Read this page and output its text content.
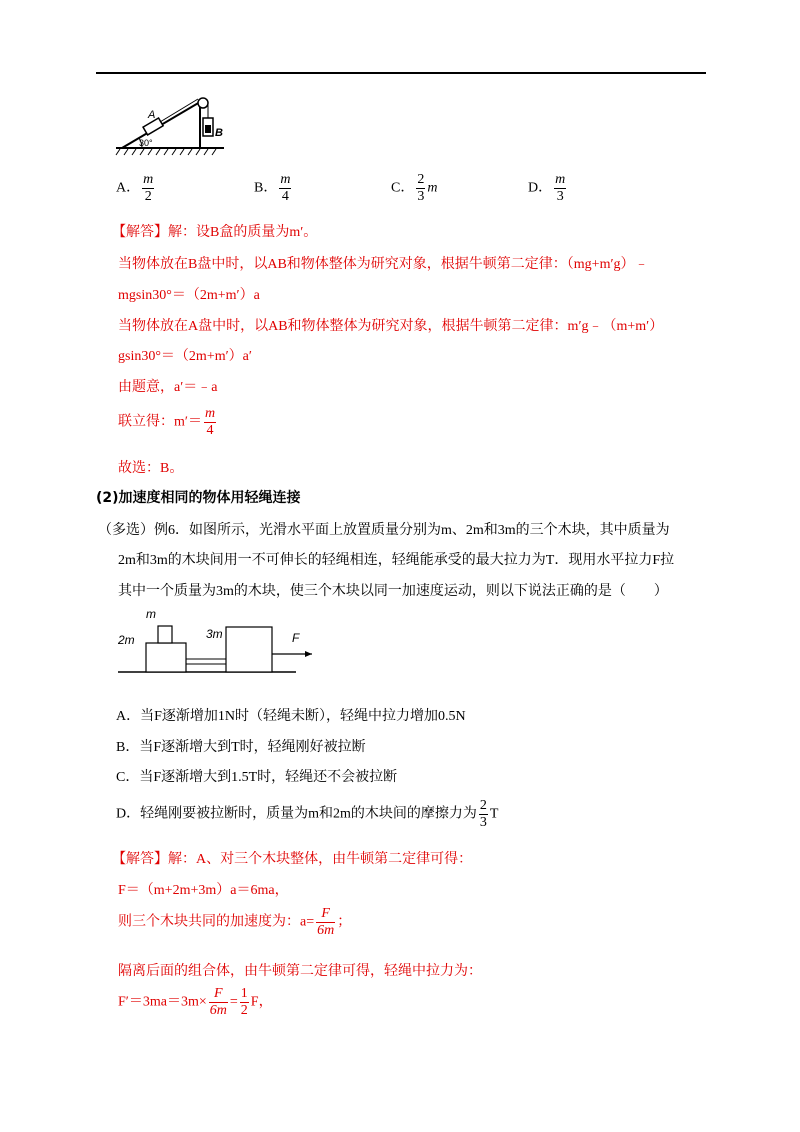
A
B
30°
A． $\frac{m}{2}$	B． $\frac{m}{4}$	C． $\frac{2}{3}$ m	D． $\frac{m}{3}$
【解答】解：设B盒的质量为m′。
当物体放在B盘中时，以AB和物体整体为研究对象，根据牛顿第二定律：（mg+m′g）﹣
mgsin30°＝（2m+m′）a
当物体放在A盘中时，以AB和物体整体为研究对象，根据牛顿第二定律：m′g﹣（m+m′）
gsin30°＝（2m+m′）a′
由题意，a′＝﹣a
联立得：$m'= \frac{m}{4}$
故选：B。
(2)加速度相同的物体用轻绳连接
（多选）例6．如图所示，光滑水平面上放置质量分别为m、2m和3m的三个木块，其中质量为
2m和3m的木块间用一不可伸长的轻绳相连，轻绳能承受的最大拉力为T．现用水平拉力F拉
其中一个质量为3m的木块，使三个木块以同一加速度运动，则以下说法正确的是（　　）
m
2m	3m	F
A．当F逐渐增加1N时（轻绳未断），轻绳中拉力增加0.5N
B．当F逐渐增大到T时，轻绳刚好被拉断
C．当F逐渐增大到1.5T时，轻绳还不会被拉断
D．轻绳刚要被拉断时，质量为m和2m的木块间的摩擦力为 $\frac{2}{3}$ T
【解答】解：A、对三个木块整体，由牛顿第二定律可得：
F＝（m+2m+3m）a＝6ma，
则三个木块共同的加速度为：$a= \frac{F}{6m}$ ；
隔离后面的组合体，由牛顿第二定律可得，轻绳中拉力为：
$F'=3ma=3m\times \frac{F}{6m} = \frac{1}{2}$ F，
